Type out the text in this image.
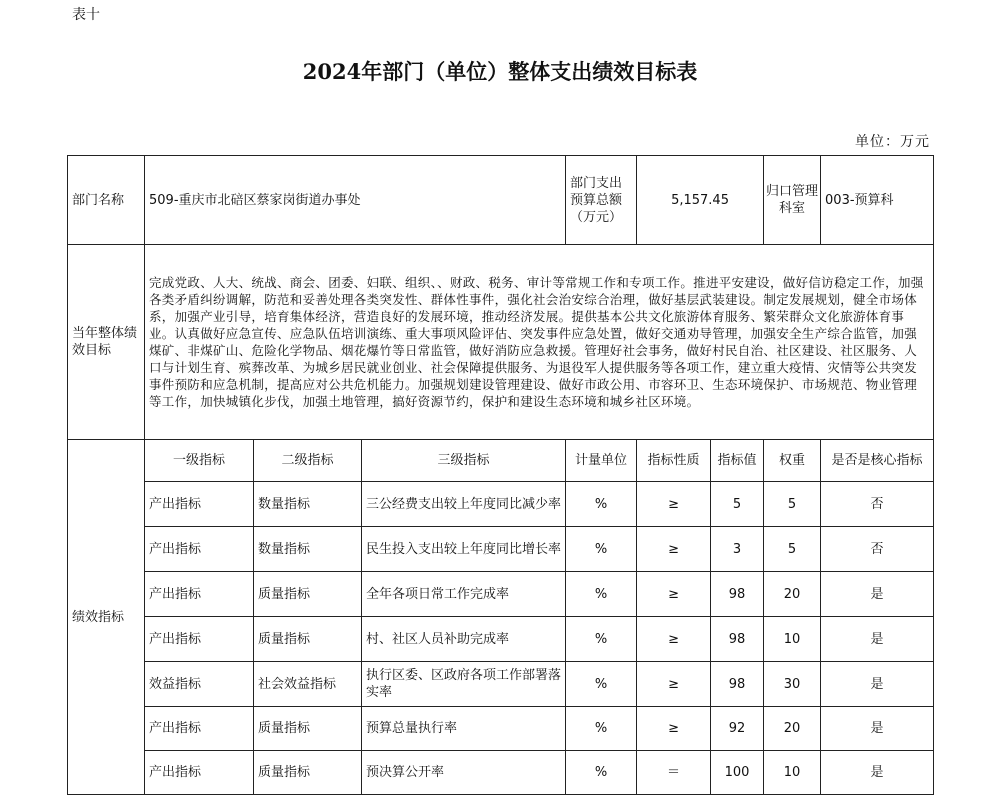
表十
2024年部门（单位）整体支出绩效目标表
单位：万元
部门名称	509-重庆市北碚区蔡家岗街道办事处			部门支出预算总额（万元）	5,157.45		归口管理科室	003-预算科
当年整体绩效目标	完成党政、人大、统战、商会、团委、妇联、组织、、财政、税务、审计等常规工作和专项工作。推进平安建设，做好信访稳定工作，加强各类矛盾纠纷调解，防范和妥善处理各类突发性、群体性事件，强化社会治安综合治理，做好基层武装建设。制定发展规划，健全市场体系，加强产业引导，培育集体经济，营造良好的发展环境，推动经济发展。提供基本公共文化旅游体育服务、繁荣群众文化旅游体育事业。认真做好应急宣传、应急队伍培训演练、重大事项风险评估、突发事件应急处置，做好交通劝导管理，加强安全生产综合监管，加强煤矿、非煤矿山、危险化学物品、烟花爆竹等日常监管，做好消防应急救援。管理好社会事务，做好村民自治、社区建设、社区服务、人口与计划生育、殡葬改革、为城乡居民就业创业、社会保障提供服务、为退役军人提供服务等各项工作，建立重大疫情、灾情等公共突发事件预防和应急机制，提高应对公共危机能力。加强规划建设管理建设、做好市政公用、市容环卫、生态环境保护、市场规范、物业管理等工作，加快城镇化步伐，加强土地管理，搞好资源节约，保护和建设生态环境和城乡社区环境。							
绩效指标	一级指标	二级指标	三级指标	计量单位	指标性质	指标值	权重	是否是核心指标
	产出指标	数量指标	三公经费支出较上年度同比减少率	%	≥	5	5	否
	产出指标	数量指标	民生投入支出较上年度同比增长率	%	≥	3	5	否
	产出指标	质量指标	全年各项日常工作完成率	%	≥	98	20	是
	产出指标	质量指标	村、社区人员补助完成率	%	≥	98	10	是
	效益指标	社会效益指标	执行区委、区政府各项工作部署落实率	%	≥	98	30	是
	产出指标	质量指标	预算总量执行率	%	≥	92	20	是
	产出指标	质量指标	预决算公开率	%	＝	100	10	是
